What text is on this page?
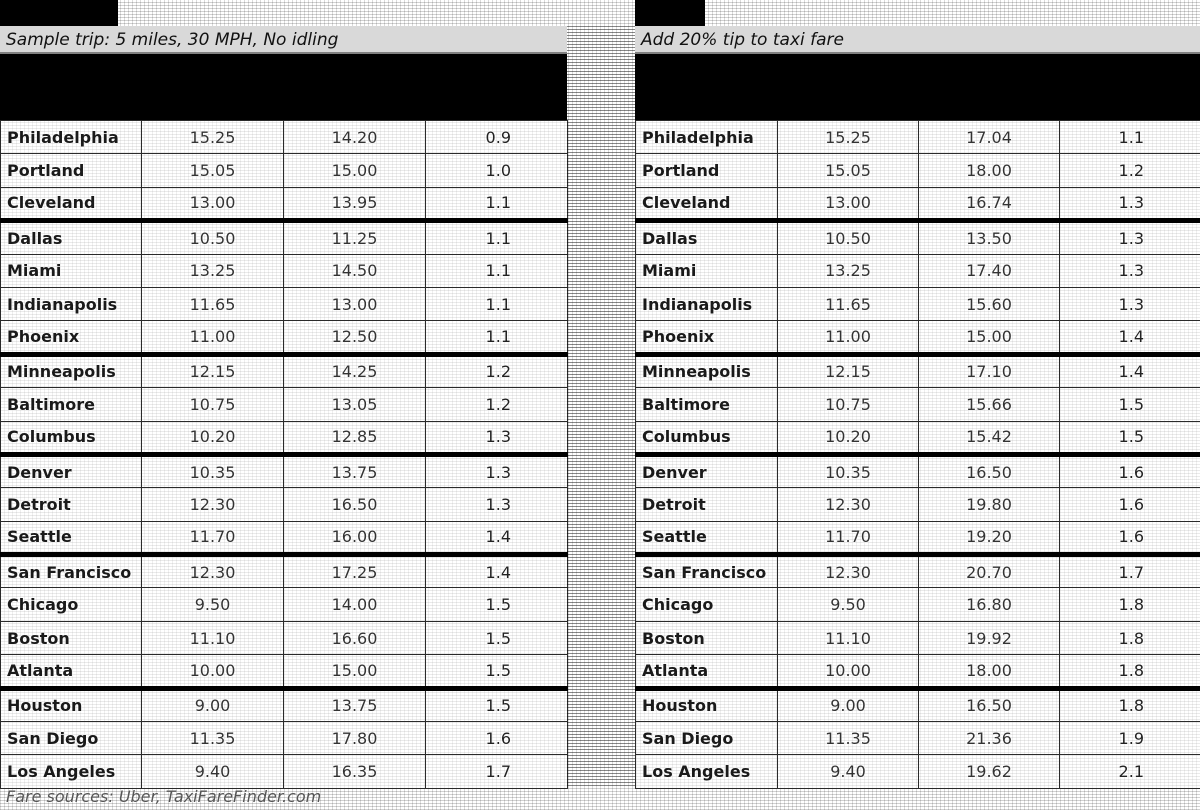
Sample trip: 5 miles, 30 MPH, No idling
Philadelphia	15.25	14.20	0.9
Portland	15.05	15.00	1.0
Cleveland	13.00	13.95	1.1
Dallas	10.50	11.25	1.1
Miami	13.25	14.50	1.1
Indianapolis	11.65	13.00	1.1
Phoenix	11.00	12.50	1.1
Minneapolis	12.15	14.25	1.2
Baltimore	10.75	13.05	1.2
Columbus	10.20	12.85	1.3
Denver	10.35	13.75	1.3
Detroit	12.30	16.50	1.3
Seattle	11.70	16.00	1.4
San Francisco	12.30	17.25	1.4
Chicago	9.50	14.00	1.5
Boston	11.10	16.60	1.5
Atlanta	10.00	15.00	1.5
Houston	9.00	13.75	1.5
San Diego	11.35	17.80	1.6
Los Angeles	9.40	16.35	1.7
Add 20% tip to taxi fare
Philadelphia	15.25	17.04	1.1
Portland	15.05	18.00	1.2
Cleveland	13.00	16.74	1.3
Dallas	10.50	13.50	1.3
Miami	13.25	17.40	1.3
Indianapolis	11.65	15.60	1.3
Phoenix	11.00	15.00	1.4
Minneapolis	12.15	17.10	1.4
Baltimore	10.75	15.66	1.5
Columbus	10.20	15.42	1.5
Denver	10.35	16.50	1.6
Detroit	12.30	19.80	1.6
Seattle	11.70	19.20	1.6
San Francisco	12.30	20.70	1.7
Chicago	9.50	16.80	1.8
Boston	11.10	19.92	1.8
Atlanta	10.00	18.00	1.8
Houston	9.00	16.50	1.8
San Diego	11.35	21.36	1.9
Los Angeles	9.40	19.62	2.1
Fare sources: Uber, TaxiFareFinder.com
